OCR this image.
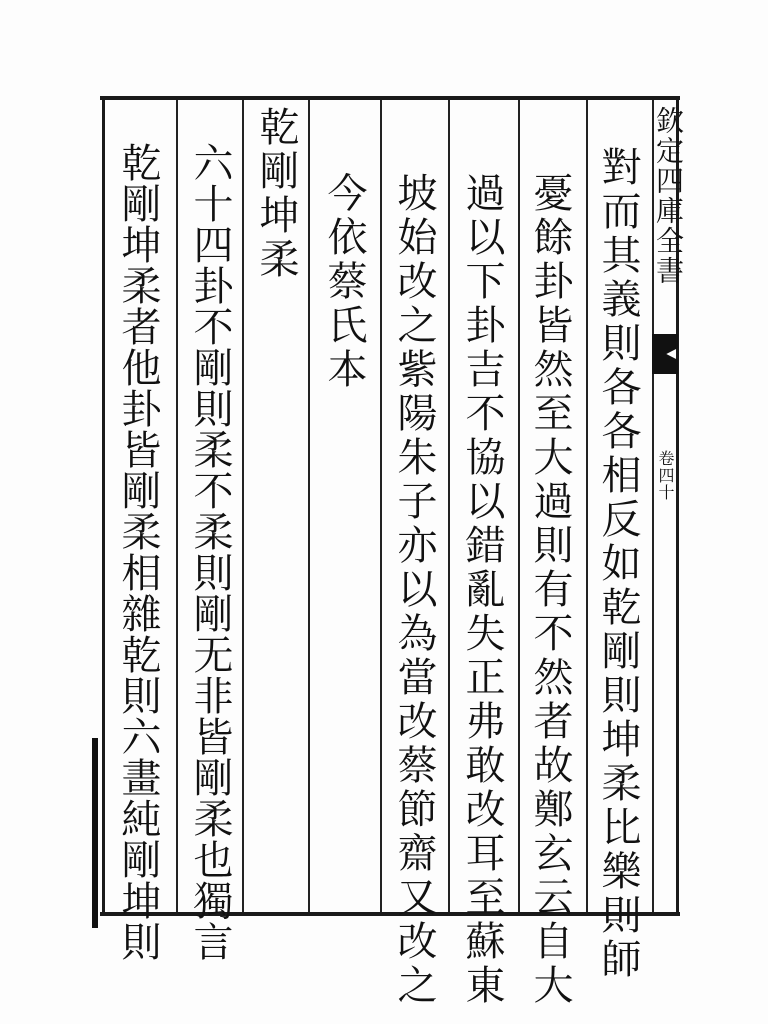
欽定四庫全書
卷四十
對而其義則各各相反如乾剛則坤柔比樂則師
憂餘卦皆然至大過則有不然者故鄭玄云自大
過以下卦吉不協以錯亂失正弗敢改耳至蘇東
坡始改之紫陽朱子亦以為當改蔡節齋又改之
今依蔡氏本
乾剛坤柔
六十四卦不剛則柔不柔則剛无非皆剛柔也獨言
乾剛坤柔者他卦皆剛柔相雜乾則六畫純剛坤則
